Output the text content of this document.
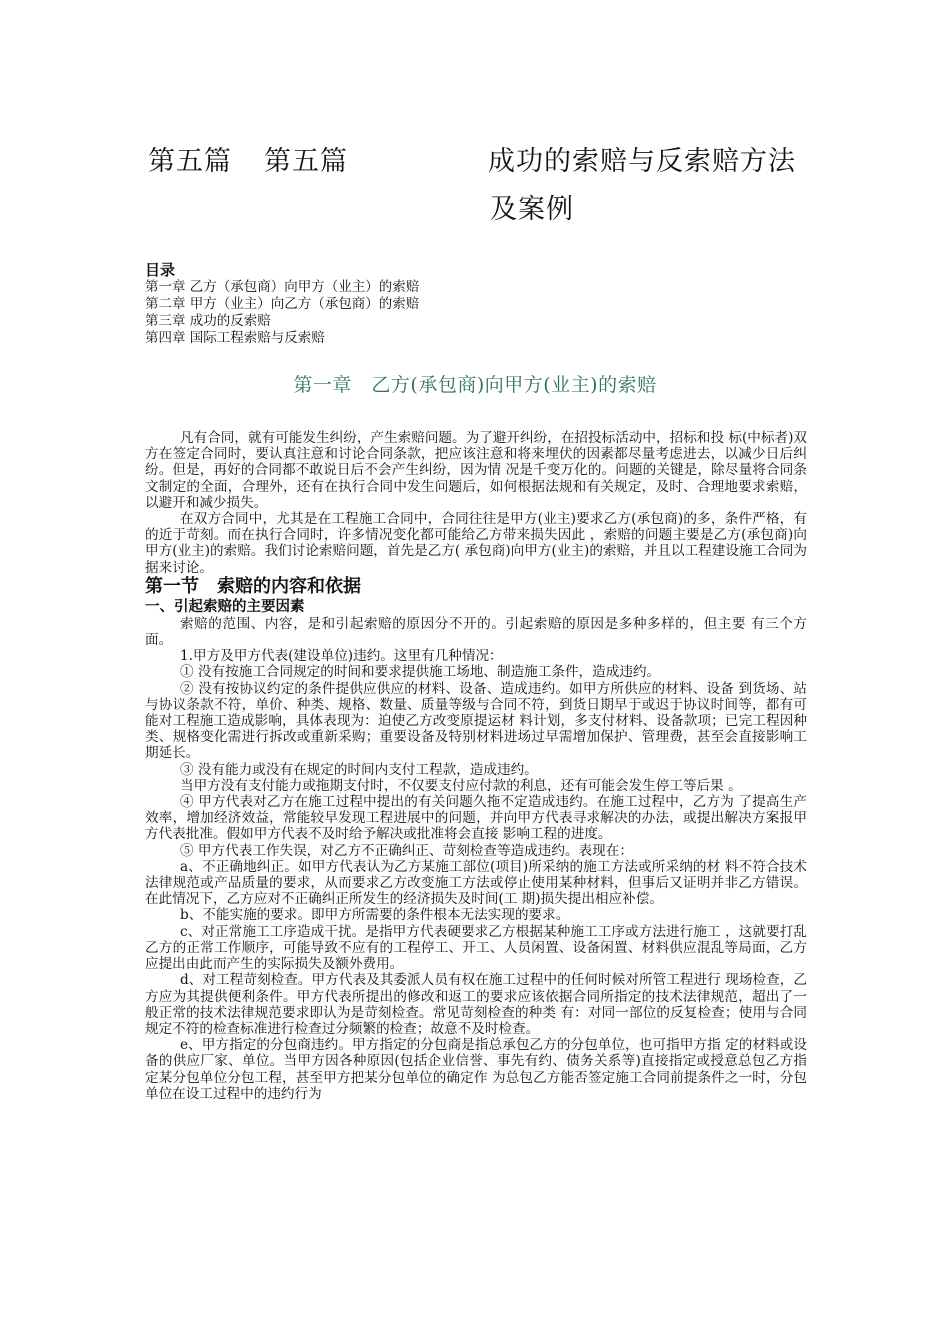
第五篇 第五篇	成功的索赔与反索赔方法
及案例
目录
第一章 乙方（承包商）向甲方（业主）的索赔
第二章 甲方（业主）向乙方（承包商）的索赔
第三章 成功的反索赔
第四章 国际工程索赔与反索赔
第一章　乙方(承包商)向甲方(业主)的索赔

凡有合同，就有可能发生纠纷，产生索赔问题。为了避开纠纷，在招投标活动中，招标和投 标(中标者)双方在签定合同时，要认真注意和讨论合同条款，把应该注意和将来埋伏的因素都尽量考虑进去，以减少日后纠纷。但是，再好的合同都不敢说日后不会产生纠纷，因为情 况是千变万化的。问题的关键是，除尽量将合同条文制定的全面，合理外，还有在执行合同中发生问题后，如何根据法规和有关规定，及时、合理地要求索赔，以避开和减少损失。

在双方合同中，尤其是在工程施工合同中，合同往往是甲方(业主)要求乙方(承包商)的多，条件严格，有的近于苛刻。而在执行合同时，许多情况变化都可能给乙方带来损失因此 ，索赔的问题主要是乙方(承包商)向甲方(业主)的索赔。我们讨论索赔问题，首先是乙方( 承包商)向甲方(业主)的索赔，并且以工程建设施工合同为据来讨论。

第一节　索赔的内容和依据

一、引起索赔的主要因素

索赔的范围、内容，是和引起索赔的原因分不开的。引起索赔的原因是多种多样的，但主要 有三个方面。

1.甲方及甲方代表(建设单位)违约。这里有几种情况：

① 没有按施工合同规定的时间和要求提供施工场地、制造施工条件，造成违约。

② 没有按协议约定的条件提供应供应的材料、设备、造成违约。如甲方所供应的材料、设备 到货场、站与协议条款不符，单价、种类、规格、数量、质量等级与合同不符，到货日期早于或迟于协议时间等，都有可能对工程施工造成影响，具体表现为：迫使乙方改变原提运材 料计划，多支付材料、设备款项；已完工程因种类、规格变化需进行拆改或重新采购；重要设备及特别材料进场过早需增加保护、管理费，甚至会直接影响工期延长。

③ 没有能力或没有在规定的时间内支付工程款，造成违约。

当甲方没有支付能力或拖期支付时，不仅要支付应付款的利息，还有可能会发生停工等后果 。

④ 甲方代表对乙方在施工过程中提出的有关问题久拖不定造成违约。在施工过程中，乙方为 了提高生产效率，增加经济效益，常能较早发现工程进展中的问题，并向甲方代表寻求解决的办法，或提出解决方案报甲方代表批准。假如甲方代表不及时给予解决或批准将会直接 影响工程的进度。

⑤ 甲方代表工作失误，对乙方不正确纠正、苛刻检查等造成违约。表现在：

a、不正确地纠正。如甲方代表认为乙方某施工部位(项目)所采纳的施工方法或所采纳的材 料不符合技术法律规范或产品质量的要求，从而要求乙方改变施工方法或停止使用某种材料，但事后又证明并非乙方错误。在此情况下，乙方应对不正确纠正所发生的经济损失及时间(工 期)损失提出相应补偿。

b、不能实施的要求。即甲方所需要的条件根本无法实现的要求。

c、对正常施工工序造成干扰。是指甲方代表硬要求乙方根据某种施工工序或方法进行施工 ，这就要打乱乙方的正常工作顺序，可能导致不应有的工程停工、开工、人员闲置、设备闲置、材料供应混乱等局面，乙方应提出由此而产生的实际损失及额外费用。

d、对工程苛刻检查。甲方代表及其委派人员有权在施工过程中的任何时候对所管工程进行 现场检查，乙方应为其提供便利条件。甲方代表所提出的修改和返工的要求应该依据合同所指定的技术法律规范，超出了一般正常的技术法律规范要求即认为是苛刻检查。常见苛刻检查的种类 有：对同一部位的反复检查；使用与合同规定不符的检查标准进行检查过分频繁的检查；故意不及时检查。

e、甲方指定的分包商违约。甲方指定的分包商是指总承包乙方的分包单位，也可指甲方指 定的材料或设备的供应厂家、单位。当甲方因各种原因(包括企业信誉、事先有约、债务关系等)直接指定或授意总包乙方指定某分包单位分包工程，甚至甲方把某分包单位的确定作 为总包乙方能否签定施工合同前提条件之一时，分包单位在设工过程中的违约行为
